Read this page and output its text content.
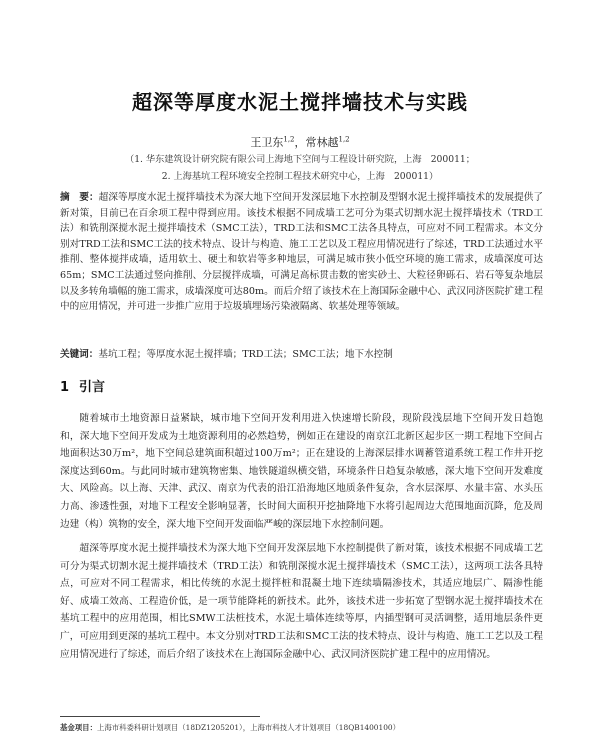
超深等厚度水泥土搅拌墙技术与实践
王卫东$^{1,2}$，常林越$^{1,2}$
（1. 华东建筑设计研究院有限公司上海地下空间与工程设计研究院，上海　200011；
2. 上海基坑工程环境安全控制工程技术研究中心，上海　200011）
摘　要：超深等厚度水泥土搅拌墙技术为深大地下空间开发深层地下水控制及型钢水泥土搅拌墙技术的发展提供了新对策，目前已在百余项工程中得到应用。该技术根据不同成墙工艺可分为渠式切割水泥土搅拌墙技术（TRD工法）和铣削深搅水泥土搅拌墙技术（SMC工法），TRD工法和SMC工法各具特点，可应对不同工程需求。本文分别对TRD工法和SMC工法的技术特点、设计与构造、施工工艺以及工程应用情况进行了综述，TRD工法通过水平推削、整体搅拌成墙，适用软土、硬土和软岩等多种地层，可满足城市狭小低空环境的施工需求，成墙深度可达65m；SMC工法通过竖向推削、分层搅拌成墙，可满足高标贯击数的密实砂土、大粒径卵砾石、岩石等复杂地层以及多转角墙幅的施工需求，成墙深度可达80m。而后介绍了该技术在上海国际金融中心、武汉同济医院扩建工程中的应用情况，并可进一步推广应用于垃圾填埋场污染液隔离、软基处理等领域。
关键词：基坑工程；等厚度水泥土搅拌墙；TRD工法；SMC工法；地下水控制
1 引言
随着城市土地资源日益紧缺，城市地下空间开发利用进入快速增长阶段，现阶段浅层地下空间开发日趋饱和，深大地下空间开发成为土地资源利用的必然趋势，例如正在建设的南京江北新区起步区一期工程地下空间占地面积达30万m²，地下空间总建筑面积超过100万m²；正在建设的上海深层排水调蓄管道系统工程工作井开挖深度达到60m。与此同时城市建筑物密集、地铁隧道纵横交错，环境条件日趋复杂敏感，深大地下空间开发难度大、风险高。以上海、天津、武汉、南京为代表的沿江沿海地区地质条件复杂，含水层深厚、水量丰富、水头压力高、渗透性强，对地下工程安全影响显著，长时间大面积开挖抽降地下水将引起周边大范围地面沉降，危及周边建（构）筑物的安全，深大地下空间开发面临严峻的深层地下水控制问题。
超深等厚度水泥土搅拌墙技术为深大地下空间开发深层地下水控制提供了新对策，该技术根据不同成墙工艺可分为渠式切割水泥土搅拌墙技术（TRD工法）和铣削深搅水泥土搅拌墙技术（SMC工法），这两项工法各具特点，可应对不同工程需求，相比传统的水泥土搅拌桩和混凝土地下连续墙隔渗技术，其适应地层广、隔渗性能好、成墙工效高、工程造价低，是一项节能降耗的新技术。此外，该技术进一步拓宽了型钢水泥土搅拌墙技术在基坑工程中的应用范围，相比SMW工法桩技术，水泥土墙体连续等厚，内插型钢可灵活调整，适用地层条件更广，可应用到更深的基坑工程中。本文分别对TRD工法和SMC工法的技术特点、设计与构造、施工工艺以及工程应用情况进行了综述，而后介绍了该技术在上海国际金融中心、武汉同济医院扩建工程中的应用情况。
基金项目：上海市科委科研计划项目（18DZ1205201），上海市科技人才计划项目（18QB1400100）
